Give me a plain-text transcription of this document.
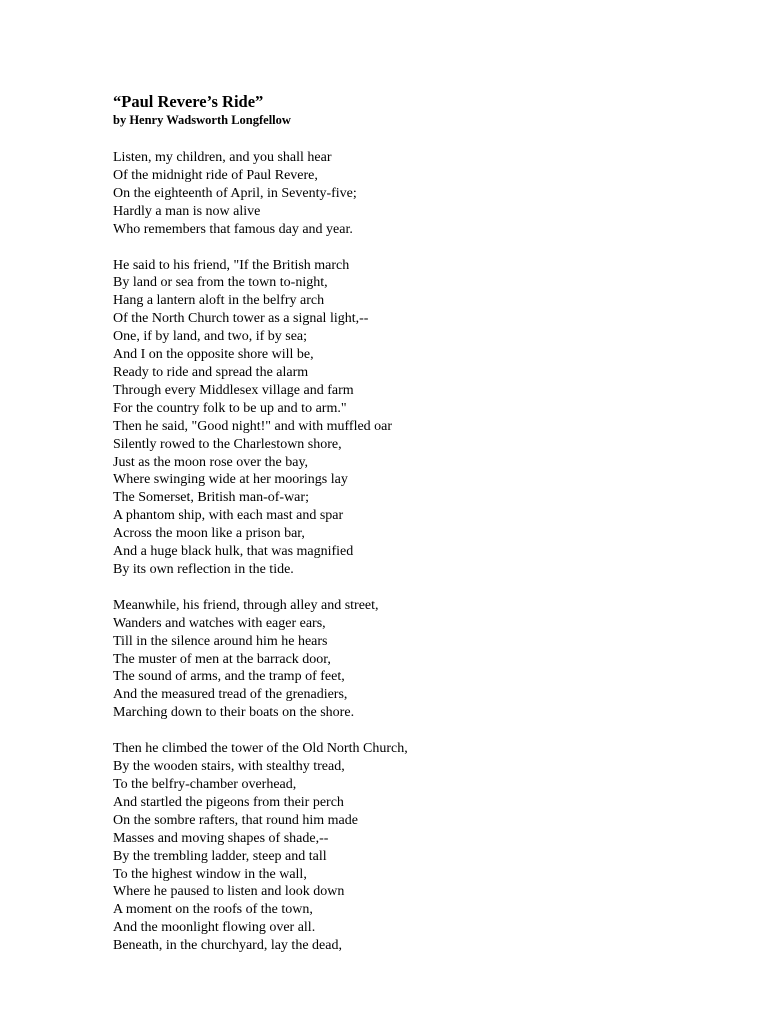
“Paul Revere’s Ride”
by Henry Wadsworth Longfellow
Listen, my children, and you shall hear
Of the midnight ride of Paul Revere,
On the eighteenth of April, in Seventy-five;
Hardly a man is now alive
Who remembers that famous day and year.
He said to his friend, "If the British march
By land or sea from the town to-night,
Hang a lantern aloft in the belfry arch
Of the North Church tower as a signal light,--
One, if by land, and two, if by sea;
And I on the opposite shore will be,
Ready to ride and spread the alarm
Through every Middlesex village and farm
For the country folk to be up and to arm."
Then he said, "Good night!" and with muffled oar
Silently rowed to the Charlestown shore,
Just as the moon rose over the bay,
Where swinging wide at her moorings lay
The Somerset, British man-of-war;
A phantom ship, with each mast and spar
Across the moon like a prison bar,
And a huge black hulk, that was magnified
By its own reflection in the tide.
Meanwhile, his friend, through alley and street,
Wanders and watches with eager ears,
Till in the silence around him he hears
The muster of men at the barrack door,
The sound of arms, and the tramp of feet,
And the measured tread of the grenadiers,
Marching down to their boats on the shore.
Then he climbed the tower of the Old North Church,
By the wooden stairs, with stealthy tread,
To the belfry-chamber overhead,
And startled the pigeons from their perch
On the sombre rafters, that round him made
Masses and moving shapes of shade,--
By the trembling ladder, steep and tall
To the highest window in the wall,
Where he paused to listen and look down
A moment on the roofs of the town,
And the moonlight flowing over all.
Beneath, in the churchyard, lay the dead,
